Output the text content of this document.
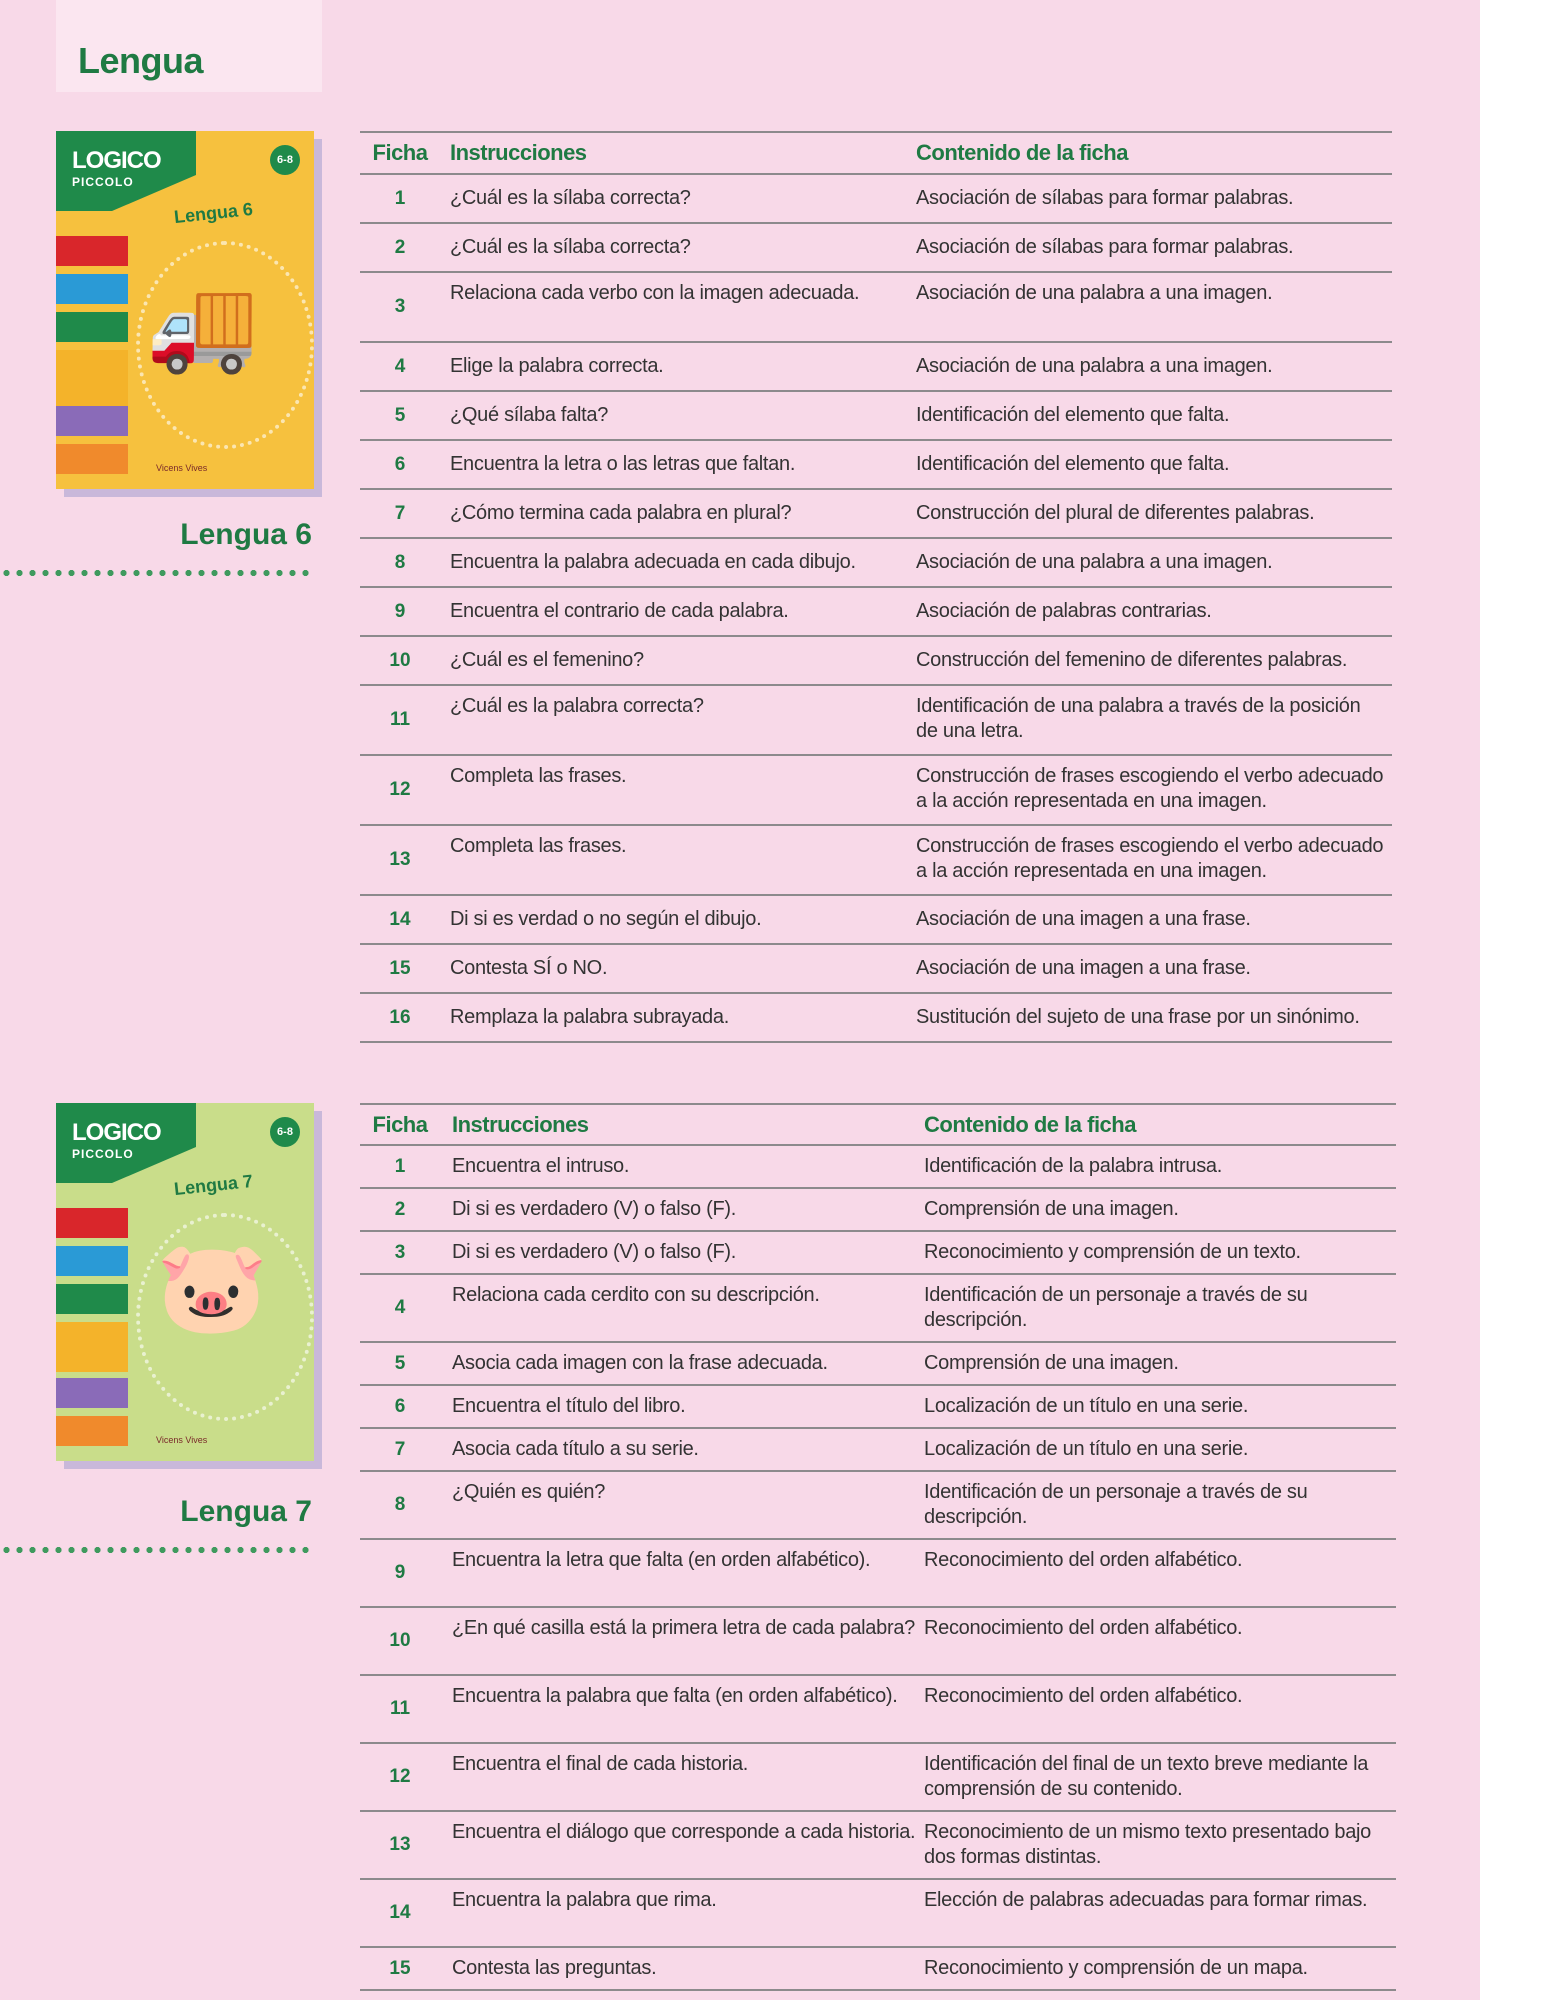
Lengua
LOGICO
PICCOLO
6-8
Lengua 6
🚚
Vicens Vives
Lengua 6
Ficha	Instrucciones	Contenido de la ficha
1	¿Cuál es la sílaba correcta?	Asociación de sílabas para formar palabras.
2	¿Cuál es la sílaba correcta?	Asociación de sílabas para formar palabras.
3	Relaciona cada verbo con la imagen adecuada.	Asociación de una palabra a una imagen.
4	Elige la palabra correcta.	Asociación de una palabra a una imagen.
5	¿Qué sílaba falta?	Identificación del elemento que falta.
6	Encuentra la letra o las letras que faltan.	Identificación del elemento que falta.
7	¿Cómo termina cada palabra en plural?	Construcción del plural de diferentes palabras.
8	Encuentra la palabra adecuada en cada dibujo.	Asociación de una palabra a una imagen.
9	Encuentra el contrario de cada palabra.	Asociación de palabras contrarias.
10	¿Cuál es el femenino?	Construcción del femenino de diferentes palabras.
11	¿Cuál es la palabra correcta?	Identificación de una palabra a través de la posición de una letra.
12	Completa las frases.	Construcción de frases escogiendo el verbo adecuado a la acción representada en una imagen.
13	Completa las frases.	Construcción de frases escogiendo el verbo adecuado a la acción representada en una imagen.
14	Di si es verdad o no según el dibujo.	Asociación de una imagen a una frase.
15	Contesta SÍ o NO.	Asociación de una imagen a una frase.
16	Remplaza la palabra subrayada.	Sustitución del sujeto de una frase por un sinónimo.
LOGICO
PICCOLO
6-8
Lengua 7
🐷
Vicens Vives
Lengua 7
Ficha	Instrucciones	Contenido de la ficha
1	Encuentra el intruso.	Identificación de la palabra intrusa.
2	Di si es verdadero (V) o falso (F).	Comprensión de una imagen.
3	Di si es verdadero (V) o falso (F).	Reconocimiento y comprensión de un texto.
4	Relaciona cada cerdito con su descripción.	Identificación de un personaje a través de su descripción.
5	Asocia cada imagen con la frase adecuada.	Comprensión de una imagen.
6	Encuentra el título del libro.	Localización de un título en una serie.
7	Asocia cada título a su serie.	Localización de un título en una serie.
8	¿Quién es quién?	Identificación de un personaje a través de su descripción.
9	Encuentra la letra que falta (en orden alfabético).	Reconocimiento del orden alfabético.
10	¿En qué casilla está la primera letra de cada palabra?	Reconocimiento del orden alfabético.
11	Encuentra la palabra que falta (en orden alfabético).	Reconocimiento del orden alfabético.
12	Encuentra el final de cada historia.	Identificación del final de un texto breve mediante la comprensión de su contenido.
13	Encuentra el diálogo que corresponde a cada historia.	Reconocimiento de un mismo texto presentado bajo dos formas distintas.
14	Encuentra la palabra que rima.	Elección de palabras adecuadas para formar rimas.
15	Contesta las preguntas.	Reconocimiento y comprensión de un mapa.
